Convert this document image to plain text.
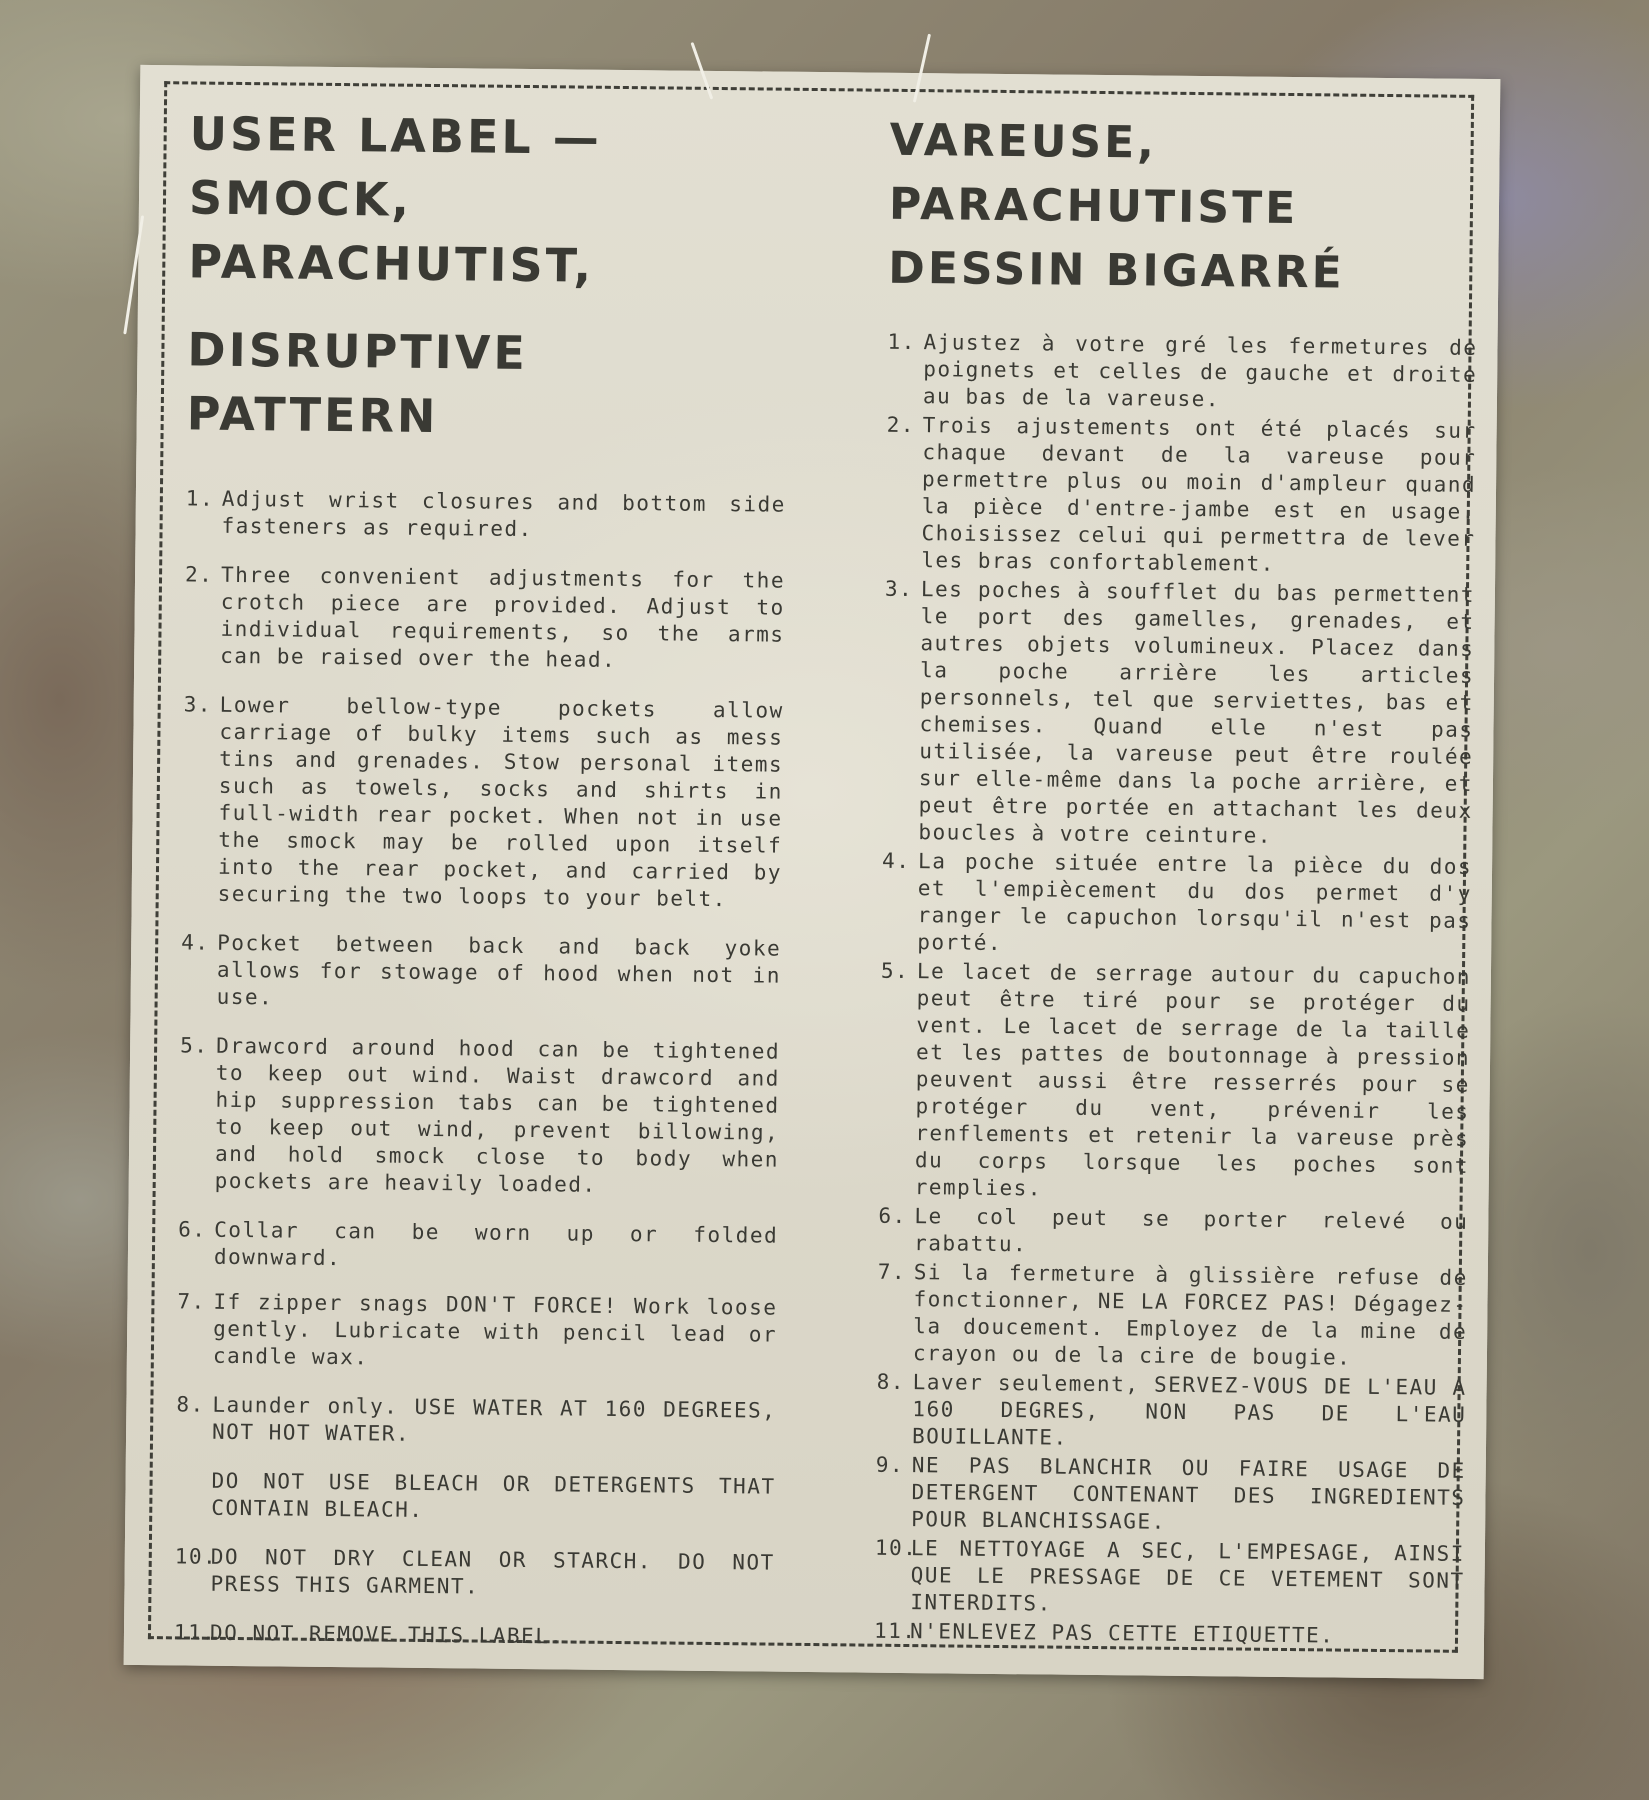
USER LABEL — SMOCK,
PARACHUTIST,
DISRUPTIVE PATTERN
1. Adjust wrist closures and bottom side fasteners as required.
2. Three convenient adjustments for the crotch piece are provided. Adjust to individual requirements, so the arms can be raised over the head.
3. Lower bellow-type pockets allow carriage of bulky items such as mess tins and grenades. Stow personal items such as towels, socks and shirts in full-width rear pocket. When not in use the smock may be rolled upon itself into the rear pocket, and carried by securing the two loops to your belt.
4. Pocket between back and back yoke allows for stowage of hood when not in use.
5. Drawcord around hood can be tightened to keep out wind. Waist drawcord and hip suppression tabs can be tightened to keep out wind, prevent billowing, and hold smock close to body when pockets are heavily loaded.
6. Collar can be worn up or folded downward.
7. If zipper snags DON'T FORCE! Work loose gently. Lubricate with pencil lead or candle wax.
8. Launder only. USE WATER AT 160 DEGREES, NOT HOT WATER.
DO NOT USE BLEACH OR DETERGENTS THAT CONTAIN BLEACH.
10.
DO NOT DRY CLEAN OR STARCH. DO NOT PRESS THIS GARMENT.
11.
DO NOT REMOVE THIS LABEL.
VAREUSE, PARACHUTISTE
DESSIN BIGARRÉ
1. Ajustez à votre gré les fermetures de poignets et celles de gauche et droite au bas de la vareuse.
2. Trois ajustements ont été placés sur chaque devant de la vareuse pour permettre plus ou moin d'ampleur quand la pièce d'entre-jambe est en usage. Choisissez celui qui permettra de lever les bras confortablement.
3. Les poches à soufflet du bas permettent le port des gamelles, grenades, et autres objets volumineux. Placez dans la poche arrière les articles personnels, tel que serviettes, bas et chemises. Quand elle n'est pas utilisée, la vareuse peut être roulée sur elle-même dans la poche arrière, et peut être portée en attachant les deux boucles à votre ceinture.
4. La poche située entre la pièce du dos et l'empiècement du dos permet d'y ranger le capuchon lorsqu'il n'est pas porté.
5. Le lacet de serrage autour du capuchon peut être tiré pour se protéger du vent. Le lacet de serrage de la taille et les pattes de boutonnage à pression peuvent aussi être resserrés pour se protéger du vent, prévenir les renflements et retenir la vareuse près du corps lorsque les poches sont remplies.
6. Le col peut se porter relevé ou rabattu.
7. Si la fermeture à glissière refuse de fonctionner, NE LA FORCEZ PAS! Dégagez-la doucement. Employez de la mine de crayon ou de la cire de bougie.
8. Laver seulement, SERVEZ-VOUS DE L'EAU A 160 DEGRES, NON PAS DE L'EAU BOUILLANTE.
9. NE PAS BLANCHIR OU FAIRE USAGE DE DETERGENT CONTENANT DES INGREDIENTS POUR BLANCHISSAGE.
10.
LE NETTOYAGE A SEC, L'EMPESAGE, AINSI QUE LE PRESSAGE DE CE VETEMENT SONT INTERDITS.
11.
N'ENLEVEZ PAS CETTE ETIQUETTE.
